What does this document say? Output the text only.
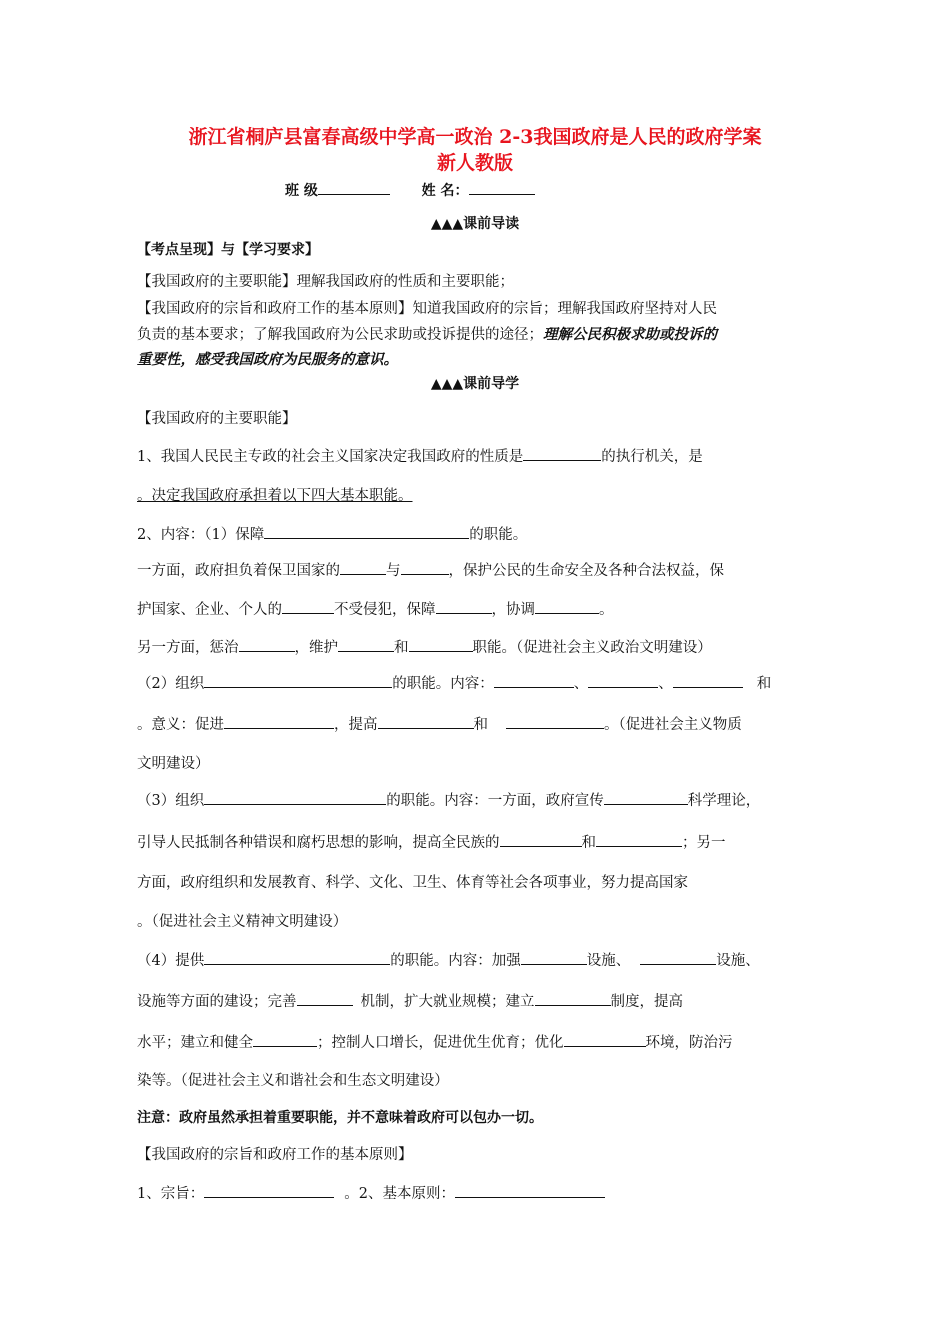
浙江省桐庐县富春高级中学高一政治 2-3我国政府是人民的政府学案
新人教版
班 级	姓 名：
▲▲▲课前导读
【考点呈现】与【学习要求】
【我国政府的主要职能】理解我国政府的性质和主要职能；
【我国政府的宗旨和政府工作的基本原则】知道我国政府的宗旨；理解我国政府坚持对人民
负责的基本要求；了解我国政府为公民求助或投诉提供的途径；理解公民积极求助或投诉的
重要性，感受我国政府为民服务的意识。
▲▲▲课前导学
【我国政府的主要职能】
1、我国人民民主专政的社会主义国家决定我国政府的性质是	的执行机关，是
。决定我国政府承担着以下四大基本职能。
2、内容：（1）保障	的职能。
一方面，政府担负着保卫国家的	与	，保护公民的生命安全及各种合法权益，保
护国家、企业、个人的	不受侵犯，保障	，协调	。
另一方面，惩治	，维护	和	职能。（促进社会主义政治文明建设）
（2）组织	的职能。内容：	、	、	和
。意义：促进	，提高	和	。（促进社会主义物质
文明建设）
（3）组织	的职能。内容：一方面，政府宣传	科学理论，
引导人民抵制各种错误和腐朽思想的影响，提高全民族的	和	；另一
方面，政府组织和发展教育、科学、文化、卫生、体育等社会各项事业，努力提高国家
。（促进社会主义精神文明建设）
（4）提供	的职能。内容：加强	设施、	设施、
设施等方面的建设；完善	机制，扩大就业规模；建立	制度，提高
水平；建立和健全	；控制人口增长，促进优生优育；优化	环境，防治污
染等。（促进社会主义和谐社会和生态文明建设）
注意：政府虽然承担着重要职能，并不意味着政府可以包办一切。
【我国政府的宗旨和政府工作的基本原则】
1、宗旨：	。2、基本原则：
